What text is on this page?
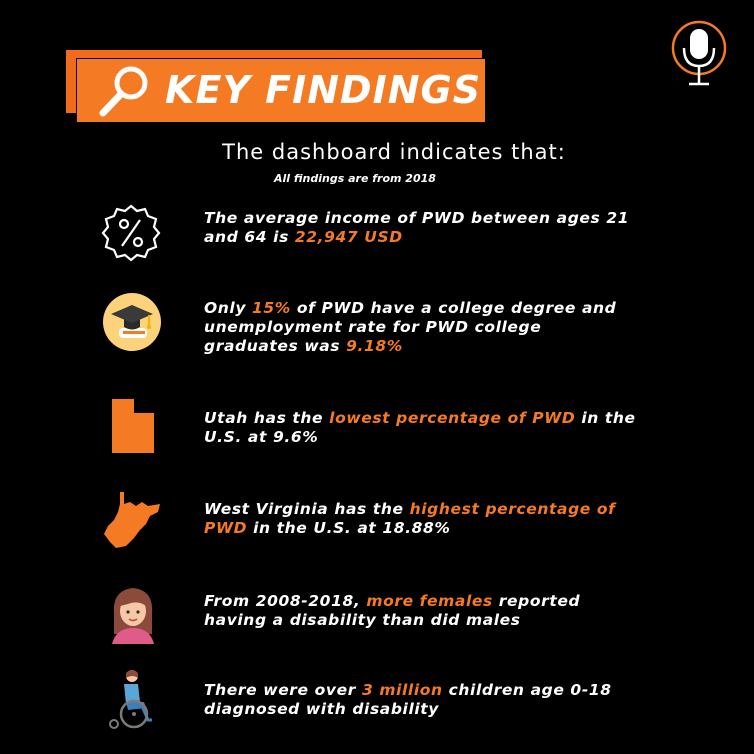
KEY FINDINGS
The dashboard indicates that:
All findings are from 2018
The average income of PWD between ages 21
and 64 is 22,947 USD
Only 15% of PWD have a college degree and
unemployment rate for PWD college
graduates was 9.18%
Utah has the lowest percentage of PWD in the
U.S. at 9.6%
West Virginia has the highest percentage of
PWD in the U.S. at 18.88%
From 2008-2018, more females reported
having a disability than did males
There were over 3 million children age 0-18
diagnosed with disability
